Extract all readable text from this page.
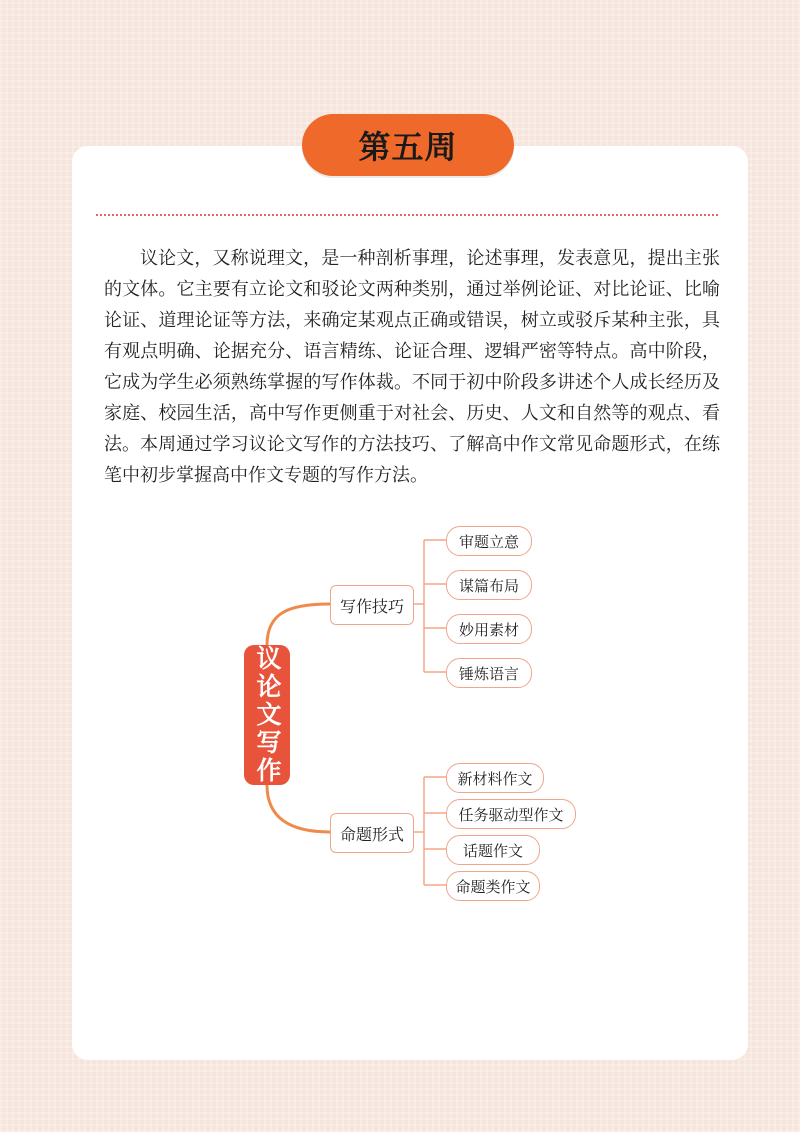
第五周

议论文，又称说理文，是一种剖析事理，论述事理，发表意见，提出主张的文体。它主要有立论文和驳论文两种类别，通过举例论证、对比论证、比喻论证、道理论证等方法，来确定某观点正确或错误，树立或驳斥某种主张，具有观点明确、论据充分、语言精练、论证合理、逻辑严密等特点。高中阶段，它成为学生必须熟练掌握的写作体裁。不同于初中阶段多讲述个人成长经历及家庭、校园生活，高中写作更侧重于对社会、历史、人文和自然等的观点、看法。 本周通过学习议论文写作的方法技巧、了解高中作文常见命题形式，在练笔中初步掌握高中作文专题的写作方法。

议论文写作
写作技巧
命题形式
审题立意
谋篇布局
妙用素材
锤炼语言
新材料作文
任务驱动型作文
话题作文
命题类作文
